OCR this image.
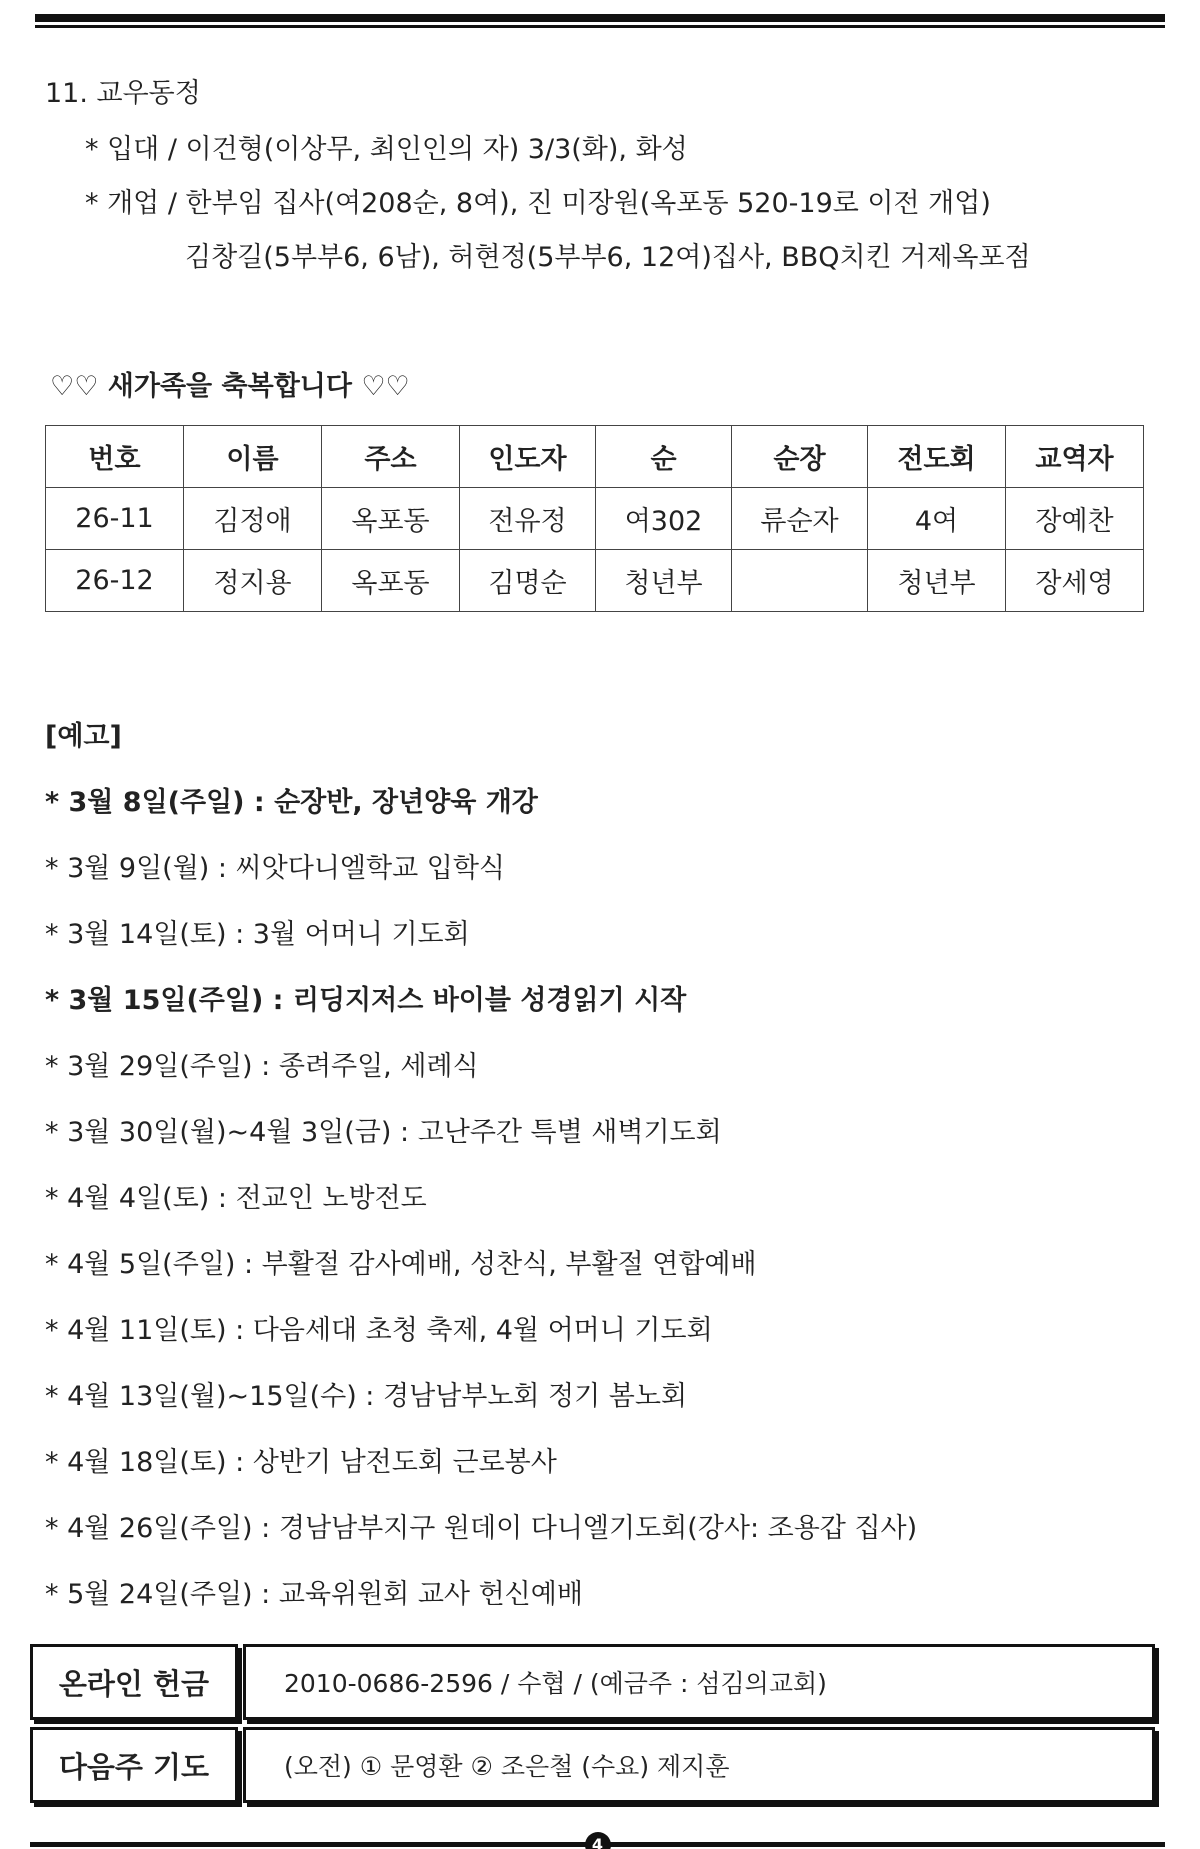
11. 교우동정
* 입대 / 이건형(이상무, 최인인의 자) 3/3(화), 화성
* 개업 / 한부임 집사(여208순, 8여), 진 미장원(옥포동 520-19로 이전 개업)
김창길(5부부6, 6남), 허현정(5부부6, 12여)집사, BBQ치킨 거제옥포점
♡♡ 새가족을 축복합니다 ♡♡
번호	이름	주소	인도자	순	순장	전도회	교역자
26-11	김정애	옥포동	전유정	여302	류순자	4여	장예찬
26-12	정지용	옥포동	김명순	청년부		청년부	장세영
[예고]
* 3월 8일(주일) : 순장반, 장년양육 개강
* 3월 9일(월) : 씨앗다니엘학교 입학식
* 3월 14일(토) : 3월 어머니 기도회
* 3월 15일(주일) : 리딩지저스 바이블 성경읽기 시작
* 3월 29일(주일) : 종려주일, 세례식
* 3월 30일(월)~4월 3일(금) : 고난주간 특별 새벽기도회
* 4월 4일(토) : 전교인 노방전도
* 4월 5일(주일) : 부활절 감사예배, 성찬식, 부활절 연합예배
* 4월 11일(토) : 다음세대 초청 축제, 4월 어머니 기도회
* 4월 13일(월)~15일(수) : 경남남부노회 정기 봄노회
* 4월 18일(토) : 상반기 남전도회 근로봉사
* 4월 26일(주일) : 경남남부지구 원데이 다니엘기도회(강사: 조용갑 집사)
* 5월 24일(주일) : 교육위원회 교사 헌신예배
온라인 헌금	2010-0686-2596 / 수협 / (예금주 : 섬김의교회)
다음주 기도	(오전) ① 문영환 ② 조은철 (수요) 제지훈
4
